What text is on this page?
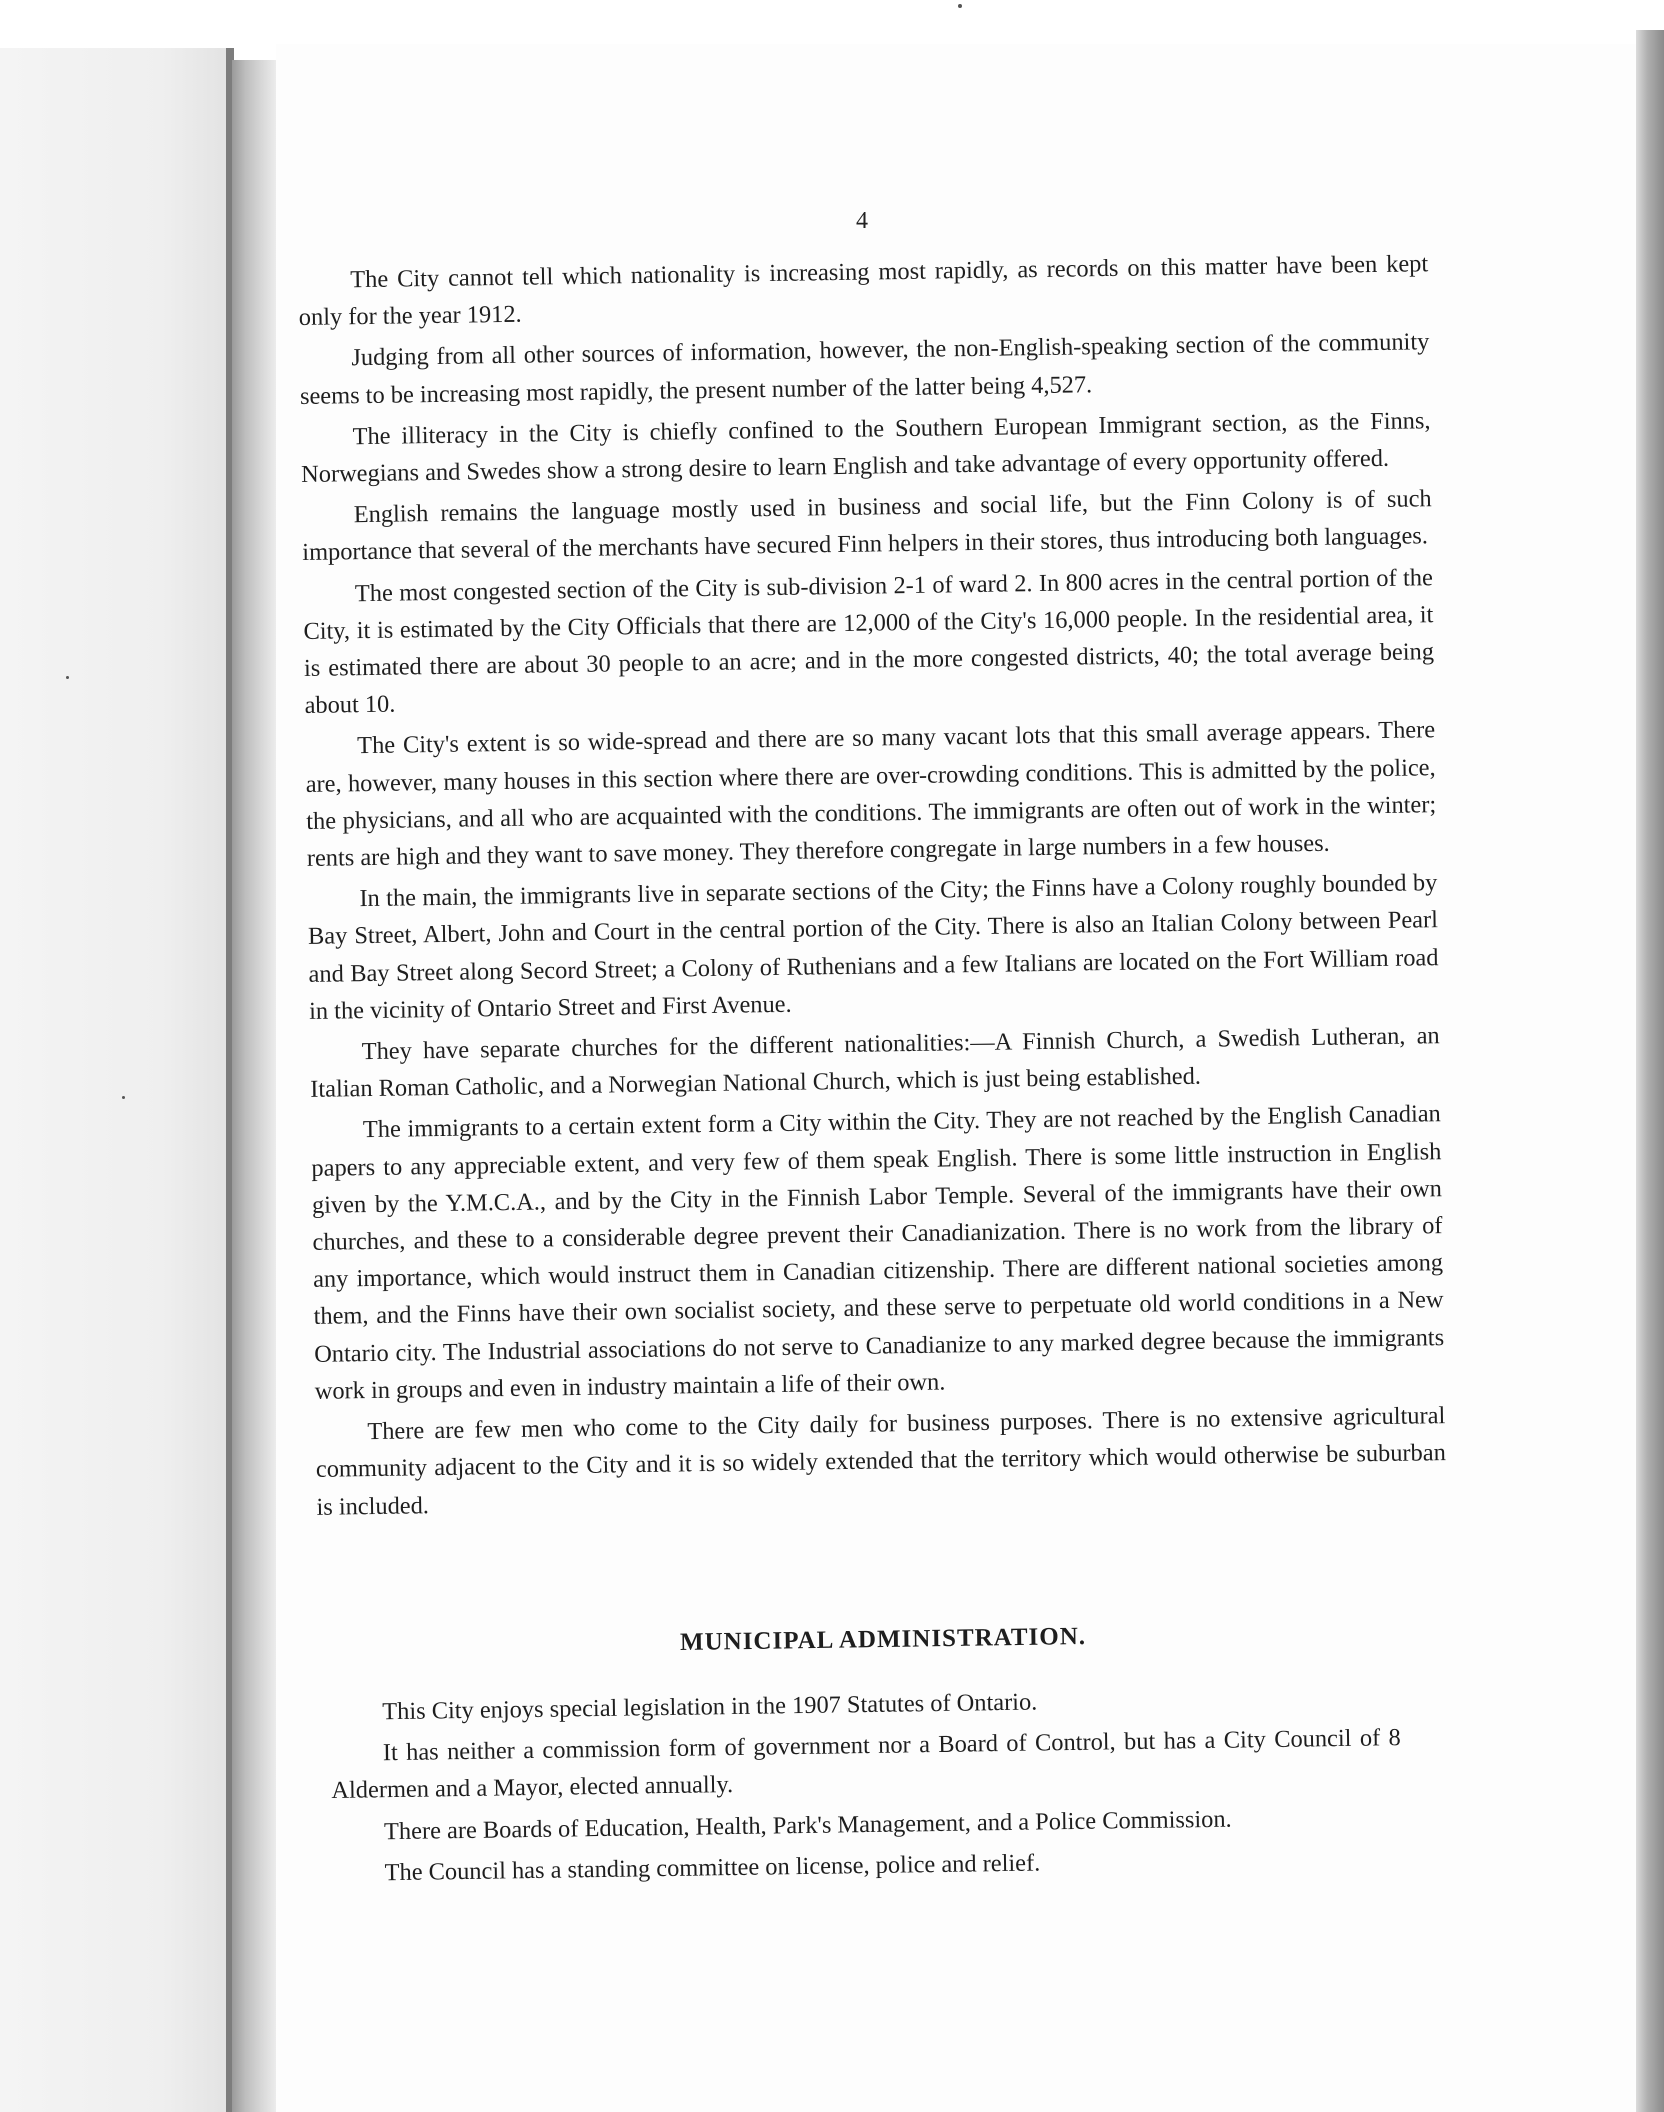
4

The City cannot tell which nationality is increasing most rapidly, as records on this matter have been kept only for the year 1912.

Judging from all other sources of information, however, the non-English-speaking section of the community seems to be increasing most rapidly, the present number of the latter being 4,527.

The illiteracy in the City is chiefly confined to the Southern European Immigrant section, as the Finns, Norwegians and Swedes show a strong desire to learn English and take advantage of every opportunity offered.

English remains the language mostly used in business and social life, but the Finn Colony is of such importance that several of the merchants have secured Finn helpers in their stores, thus introducing both languages.

The most congested section of the City is sub-division 2-1 of ward 2. In 800 acres in the central portion of the City, it is estimated by the City Officials that there are 12,000 of the City's 16,000 people. In the residential area, it is estimated there are about 30 people to an acre; and in the more congested districts, 40; the total average being about 10.

The City's extent is so wide-spread and there are so many vacant lots that this small average appears. There are, however, many houses in this section where there are over-crowding conditions. This is admitted by the police, the physicians, and all who are acquainted with the conditions. The immigrants are often out of work in the winter; rents are high and they want to save money. They therefore congregate in large numbers in a few houses.

In the main, the immigrants live in separate sections of the City; the Finns have a Colony roughly bounded by Bay Street, Albert, John and Court in the central portion of the City. There is also an Italian Colony between Pearl and Bay Street along Secord Street; a Colony of Ruthenians and a few Italians are located on the Fort William road in the vicinity of Ontario Street and First Avenue.

They have separate churches for the different nationalities:—A Finnish Church, a Swedish Lutheran, an Italian Roman Catholic, and a Norwegian National Church, which is just being established.

The immigrants to a certain extent form a City within the City. They are not reached by the English Canadian papers to any appreciable extent, and very few of them speak English. There is some little instruction in English given by the Y.M.C.A., and by the City in the Finnish Labor Temple. Several of the immigrants have their own churches, and these to a considerable degree prevent their Canadianization. There is no work from the library of any importance, which would instruct them in Canadian citizenship. There are different national societies among them, and the Finns have their own socialist society, and these serve to perpetuate old world conditions in a New Ontario city. The Industrial associations do not serve to Canadianize to any marked degree because the immigrants work in groups and even in industry maintain a life of their own.

There are few men who come to the City daily for business purposes. There is no extensive agricultural community adjacent to the City and it is so widely extended that the territory which would otherwise be suburban is included.

MUNICIPAL ADMINISTRATION.

This City enjoys special legislation in the 1907 Statutes of Ontario.

It has neither a commission form of government nor a Board of Control, but has a City Council of 8 Aldermen and a Mayor, elected annually.

There are Boards of Education, Health, Park's Management, and a Police Commission.

The Council has a standing committee on license, police and relief.
